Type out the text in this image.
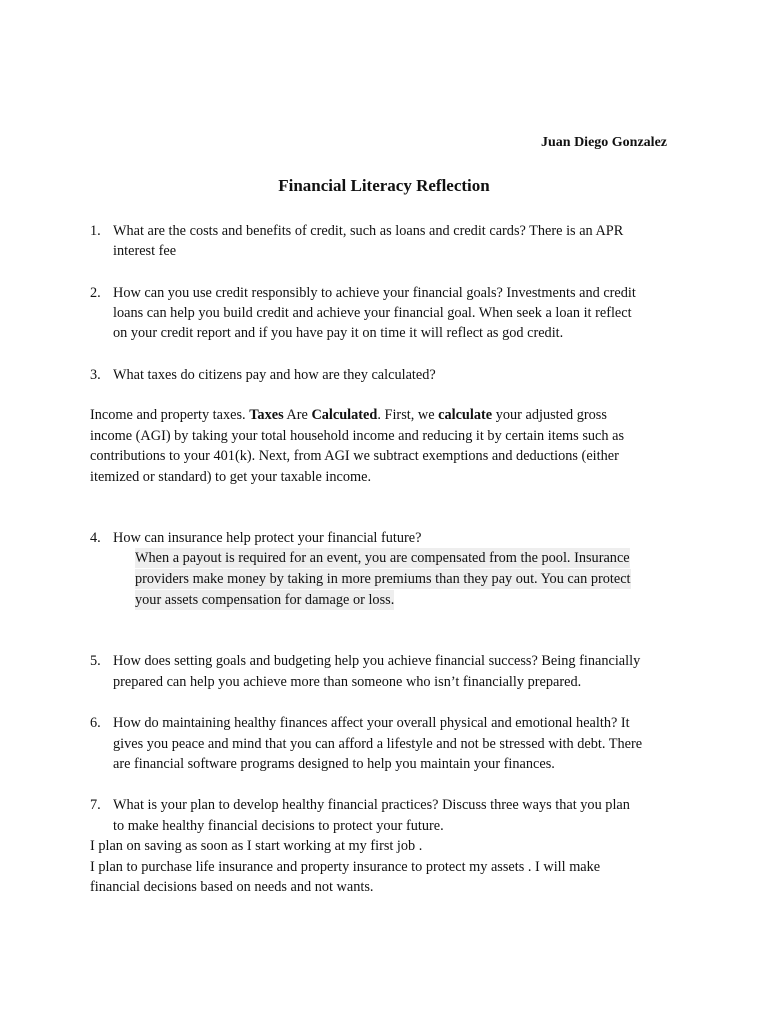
Juan Diego Gonzalez
Financial Literacy Reflection
1. What are the costs and benefits of credit, such as loans and credit cards? There is an APR
interest fee
2. How can you use credit responsibly to achieve your financial goals? Investments and credit
loans can help you build credit and achieve your financial goal. When seek a loan it reflect
on your credit report and if you have pay it on time it will reflect as god credit.
3. What taxes do citizens pay and how are they calculated?
Income and property taxes. Taxes Are Calculated. First, we calculate your adjusted gross
income (AGI) by taking your total household income and reducing it by certain items such as
contributions to your 401(k). Next, from AGI we subtract exemptions and deductions (either
itemized or standard) to get your taxable income.
4. How can insurance help protect your financial future?
When a payout is required for an event, you are compensated from the pool. Insurance
providers make money by taking in more premiums than they pay out. You can protect
your assets compensation for damage or loss.
5. How does setting goals and budgeting help you achieve financial success? Being financially
prepared can help you achieve more than someone who isn’t financially prepared.
6. How do maintaining healthy finances affect your overall physical and emotional health? It
gives you peace and mind that you can afford a lifestyle and not be stressed with debt. There
are financial software programs designed to help you maintain your finances.
7. What is your plan to develop healthy financial practices? Discuss three ways that you plan
to make healthy financial decisions to protect your future.
I plan on saving as soon as I start working at my first job .
I plan to purchase life insurance and property insurance to protect my assets . I will make
financial decisions based on needs and not wants.
